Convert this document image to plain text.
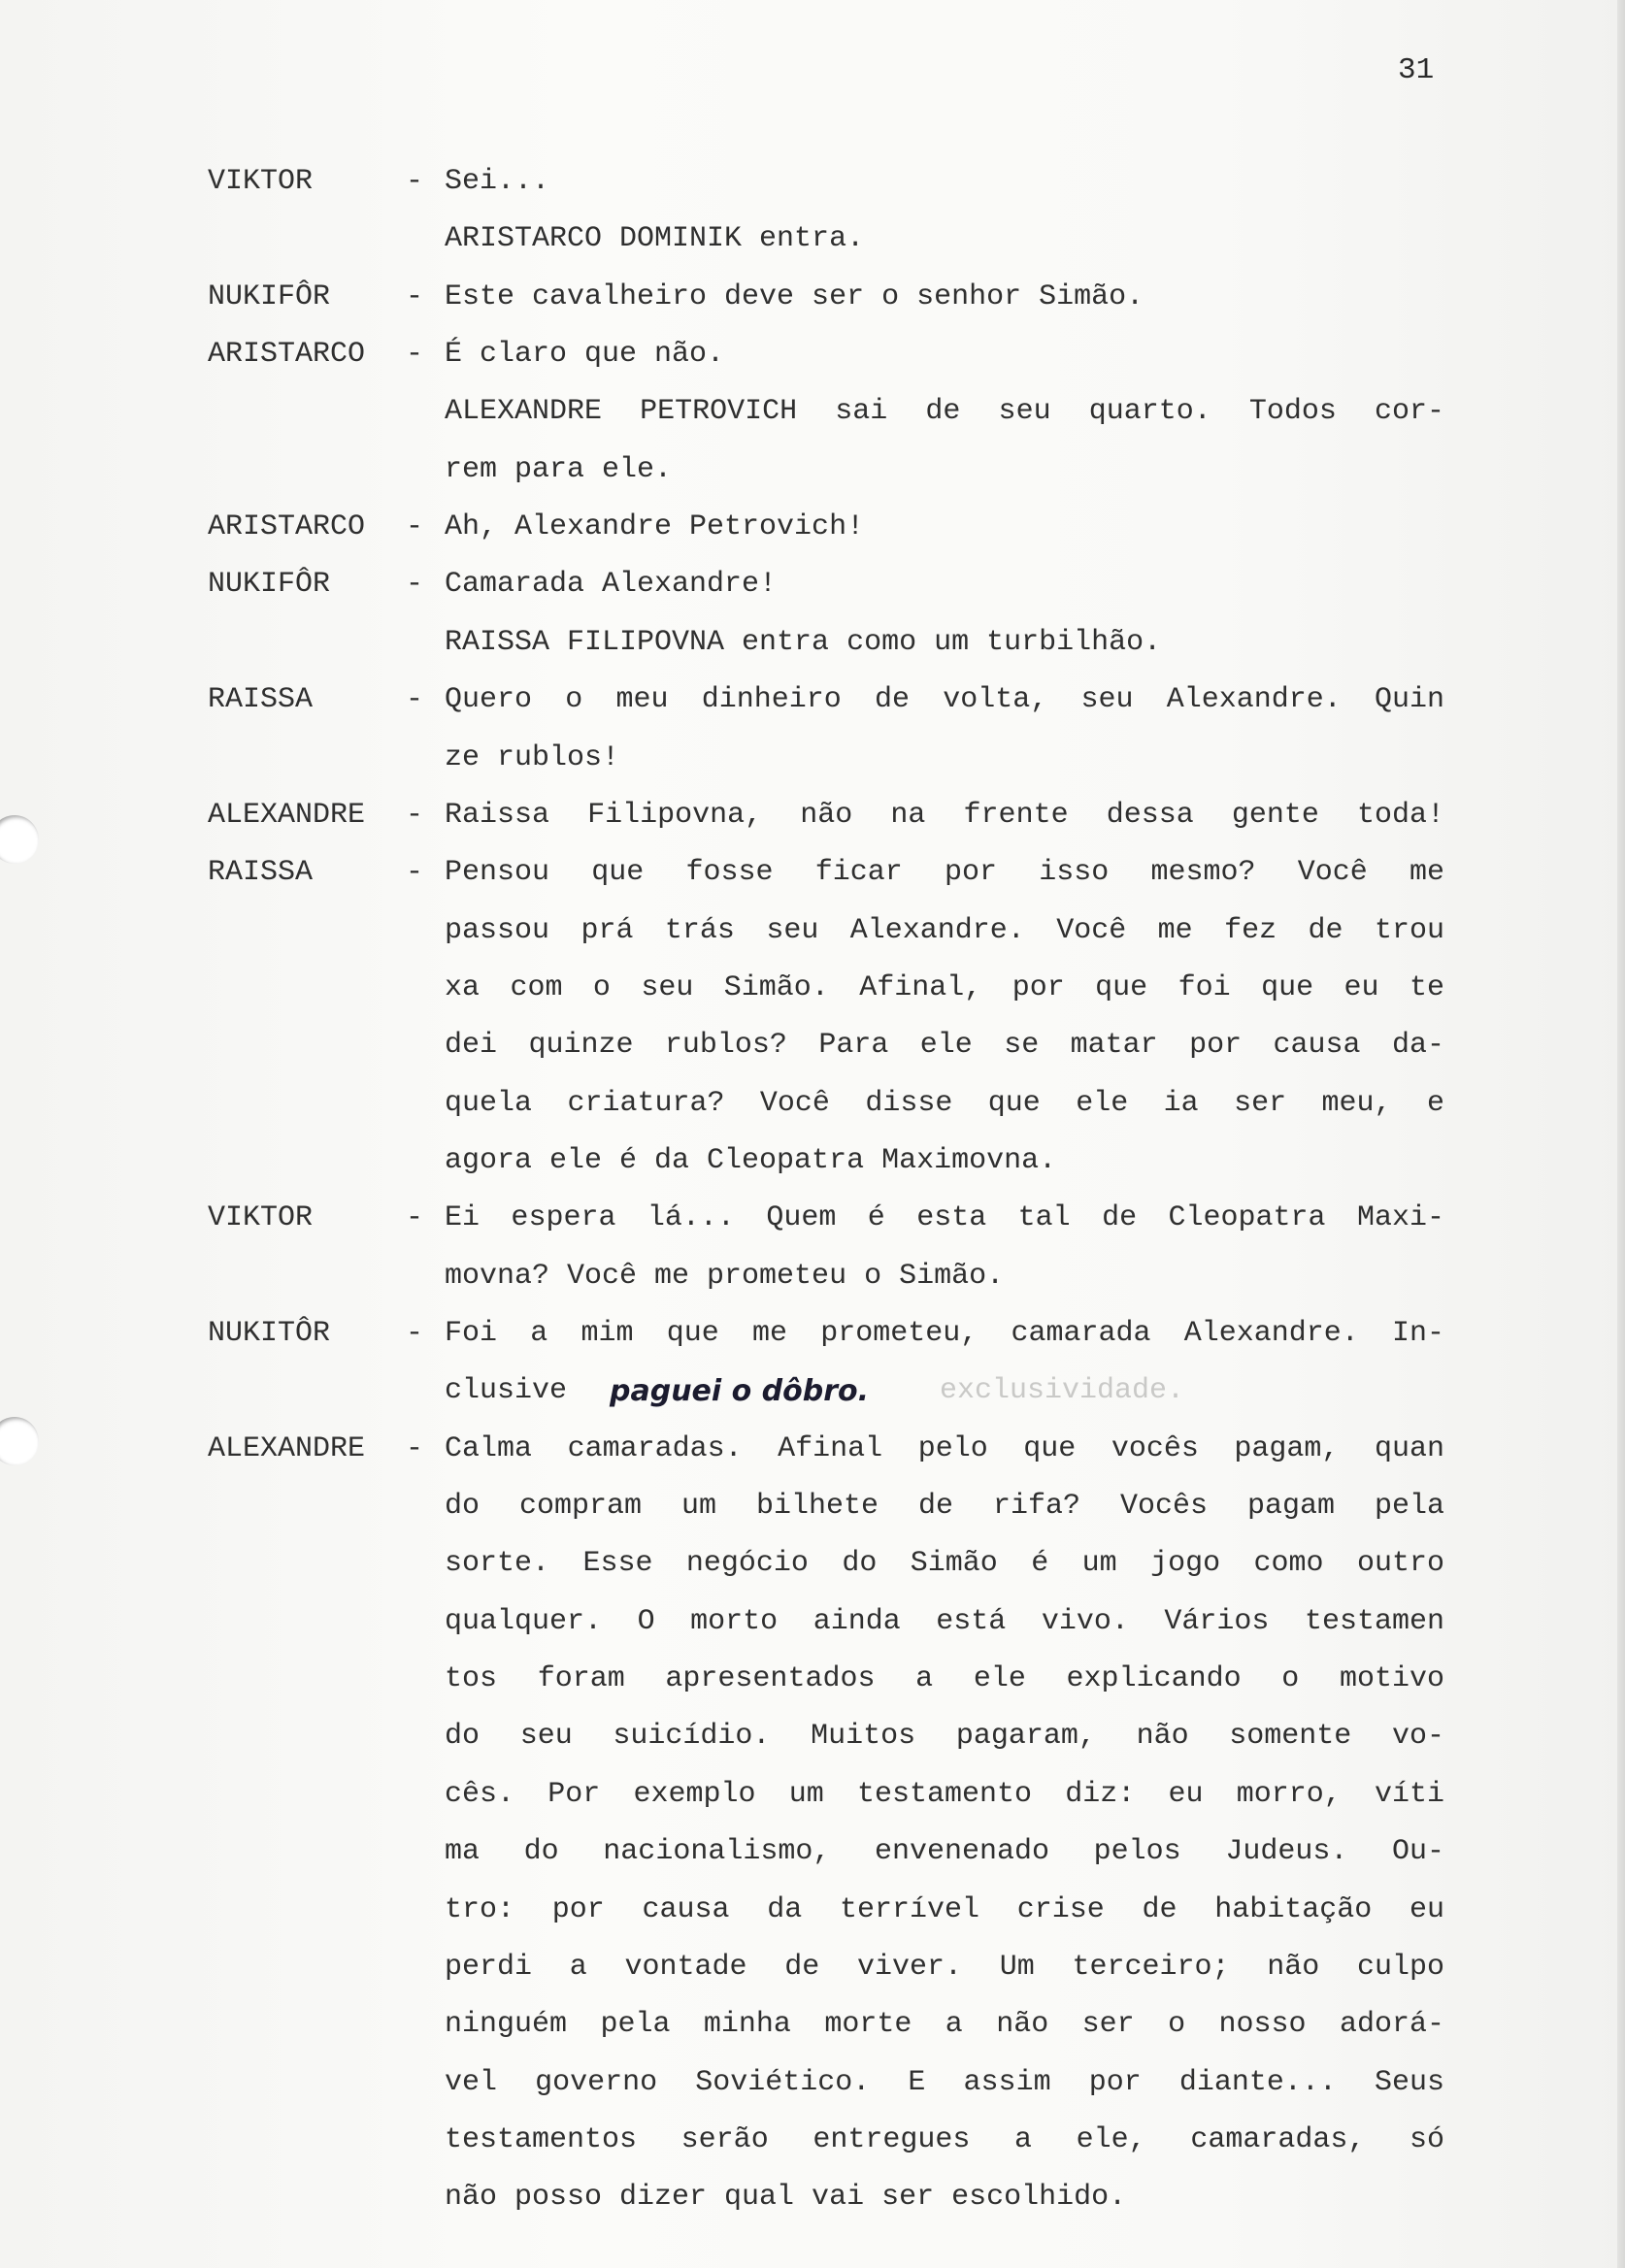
31
VIKTOR	- Sei...
ARISTARCO DOMINIK entra.
NUKIFÔR	- Este cavalheiro deve ser o senhor Simão.
ARISTARCO - É claro que não.
ALEXANDRE PETROVICH sai de seu quarto. Todos cor-
rem para ele.
ARISTARCO - Ah, Alexandre Petrovich!
NUKIFÔR	- Camarada Alexandre!
RAISSA FILIPOVNA entra como um turbilhão.
RAISSA	- Quero o meu dinheiro de volta, seu Alexandre. Quin
ze rublos!
ALEXANDRE - Raissa Filipovna, não na frente dessa gente toda!
RAISSA	- Pensou que fosse ficar por isso mesmo? Você me
passou prá trás seu Alexandre. Você me fez de trou
xa com o seu Simão. Afinal, por que foi que eu te
dei quinze rublos? Para ele se matar por causa da-
quela criatura? Você disse que ele ia ser meu, e
agora ele é da Cleopatra Maximovna.
VIKTOR	- Ei espera lá... Quem é esta tal de Cleopatra Maxi-
movna? Você me prometeu o Simão.
NUKITÔR	- Foi a mim que me prometeu, camarada Alexandre. In-
clusive paguei o dôbro. exclusividade.
ALEXANDRE - Calma camaradas. Afinal pelo que vocês pagam, quan
do compram um bilhete de rifa? Vocês pagam pela
sorte. Esse negócio do Simão é um jogo como outro
qualquer. O morto ainda está vivo. Vários testamen
tos foram apresentados a ele explicando o motivo
do seu suicídio. Muitos pagaram, não somente vo-
cês. Por exemplo um testamento diz: eu morro, víti
ma do nacionalismo, envenenado pelos Judeus. Ou-
tro: por causa da terrível crise de habitação eu
perdi a vontade de viver. Um terceiro; não culpo
ninguém pela minha morte a não ser o nosso adorá-
vel governo Soviético. E assim por diante... Seus
testamentos serão entregues a ele, camaradas, só
não posso dizer qual vai ser escolhido.
